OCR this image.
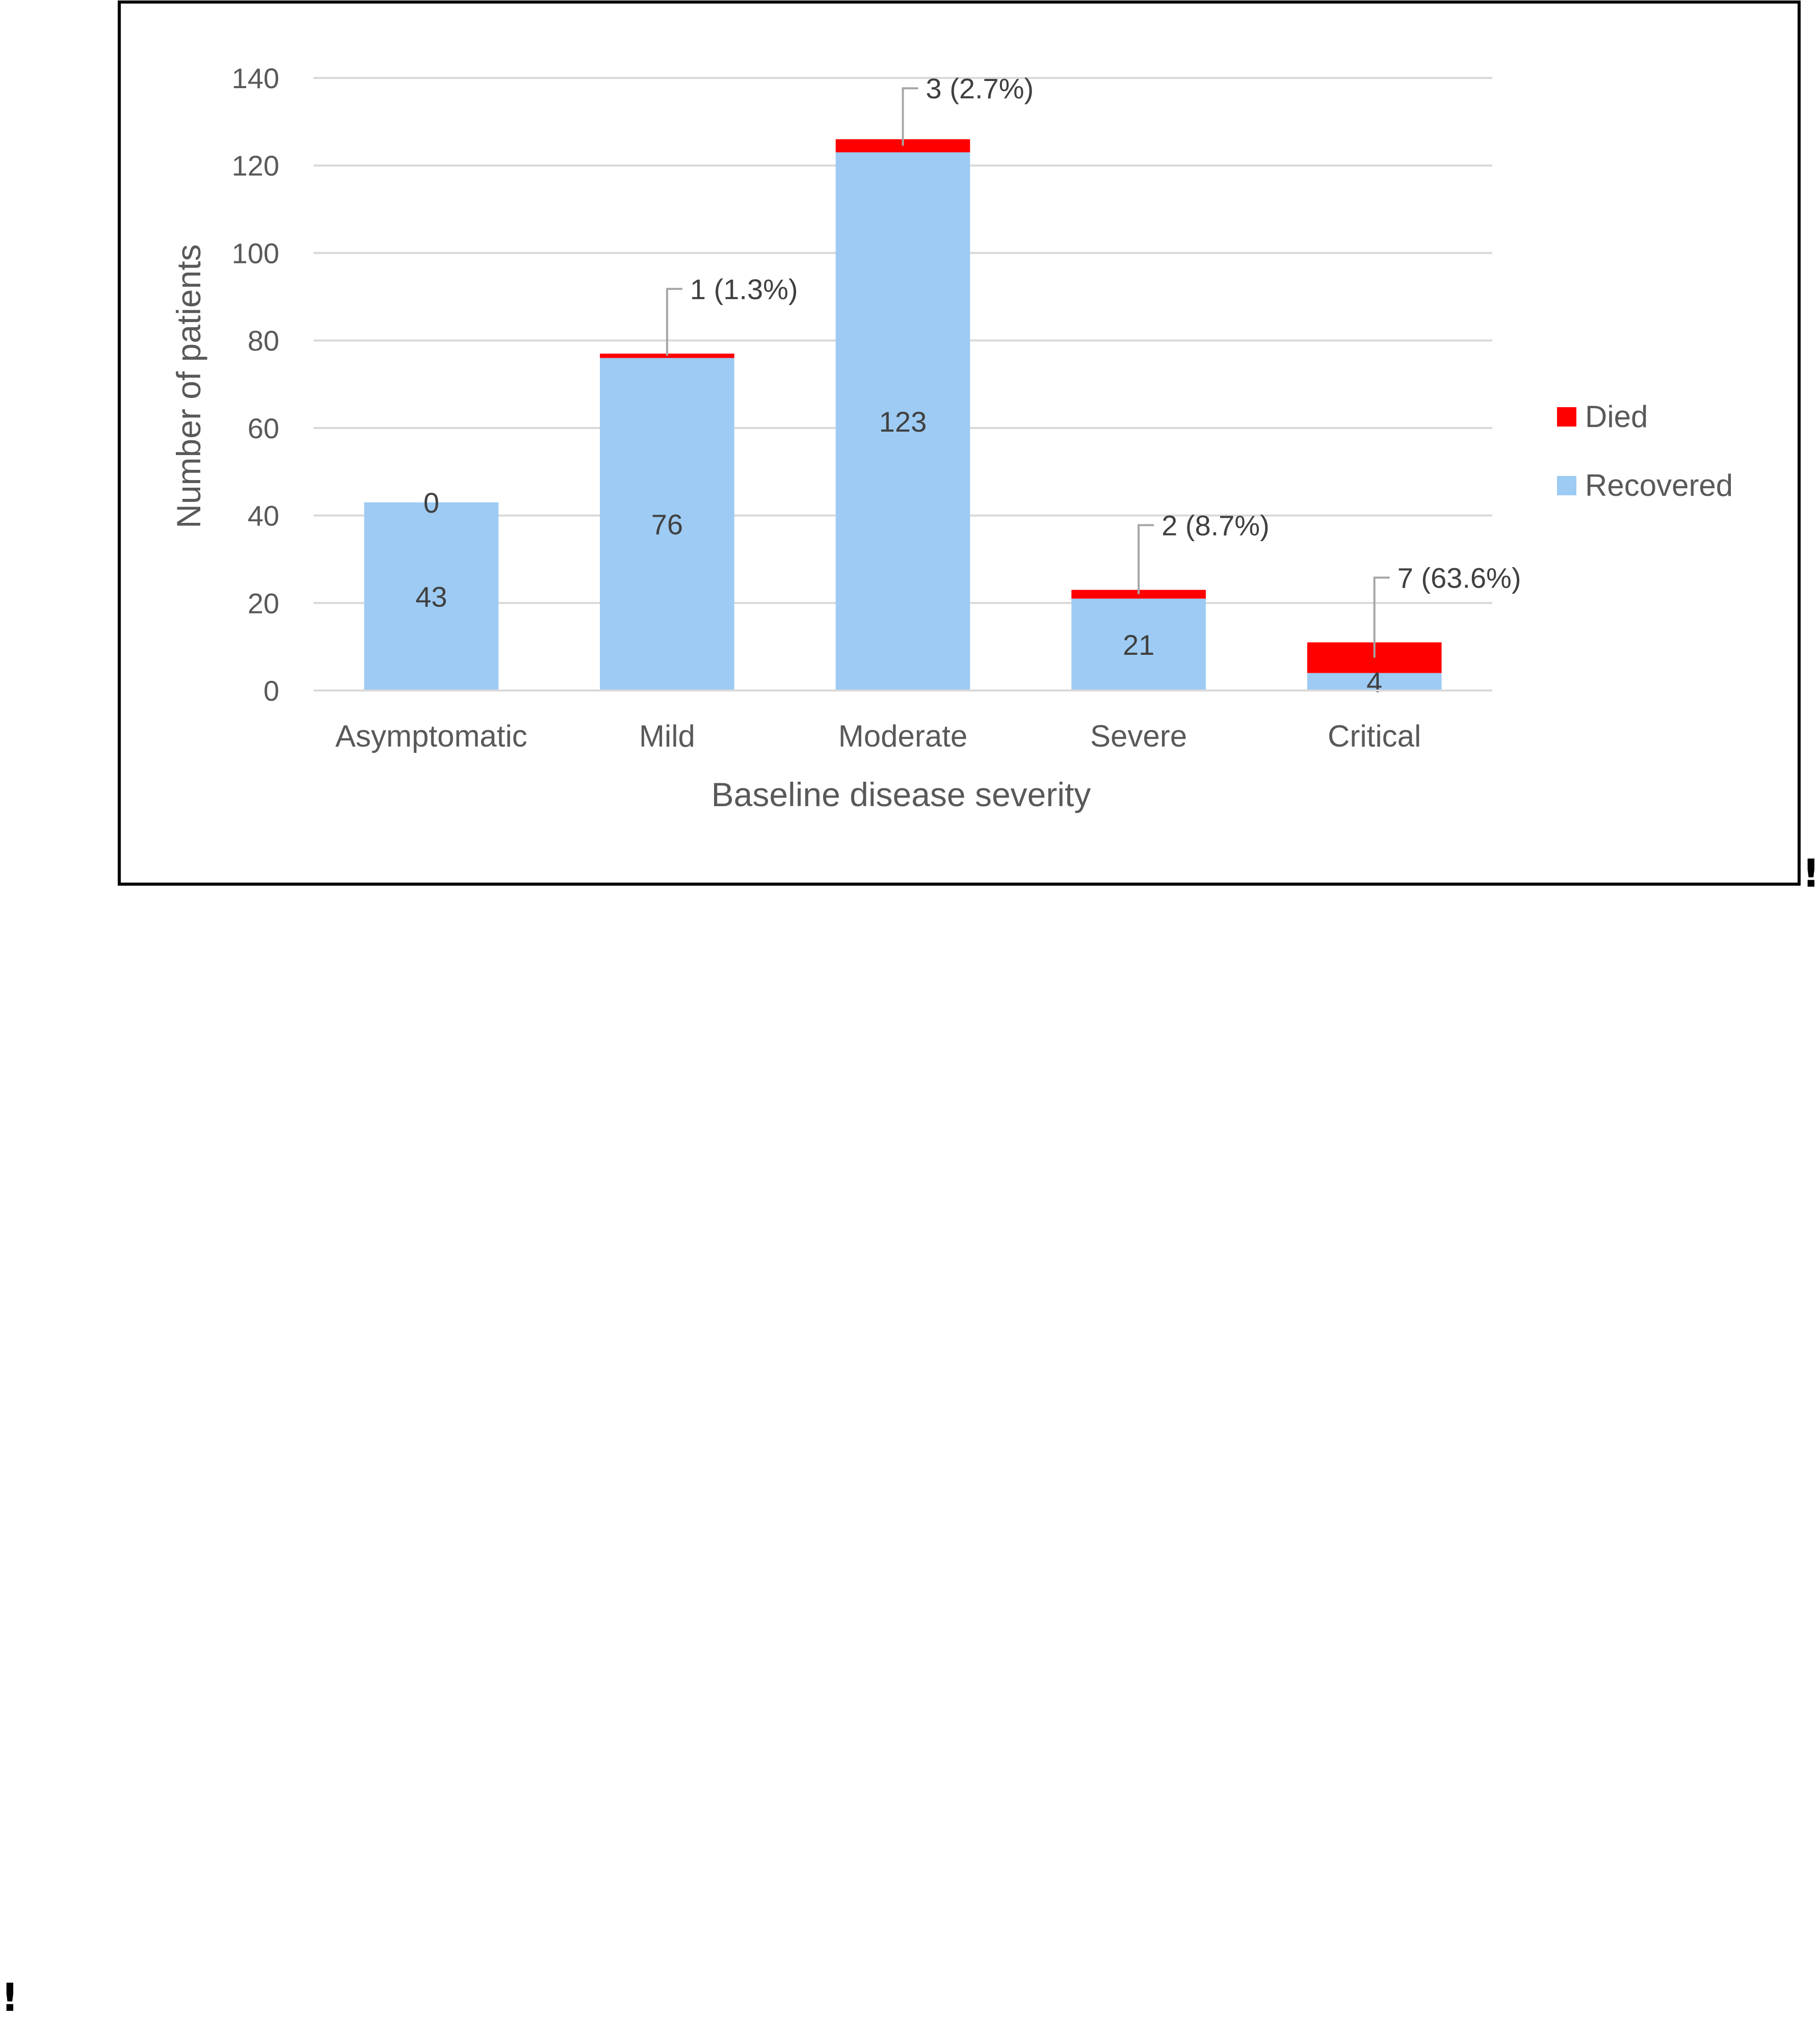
0
20
40
60
80
100
120
140
43
0
76
1 (1.3%)
123
3 (2.7%)
21
2 (8.7%)
4
7 (63.6%)
Asymptomatic	Mild	Moderate	Severe	Critical
Baseline disease severity
Number of patients	Died
Recovered
!
!
